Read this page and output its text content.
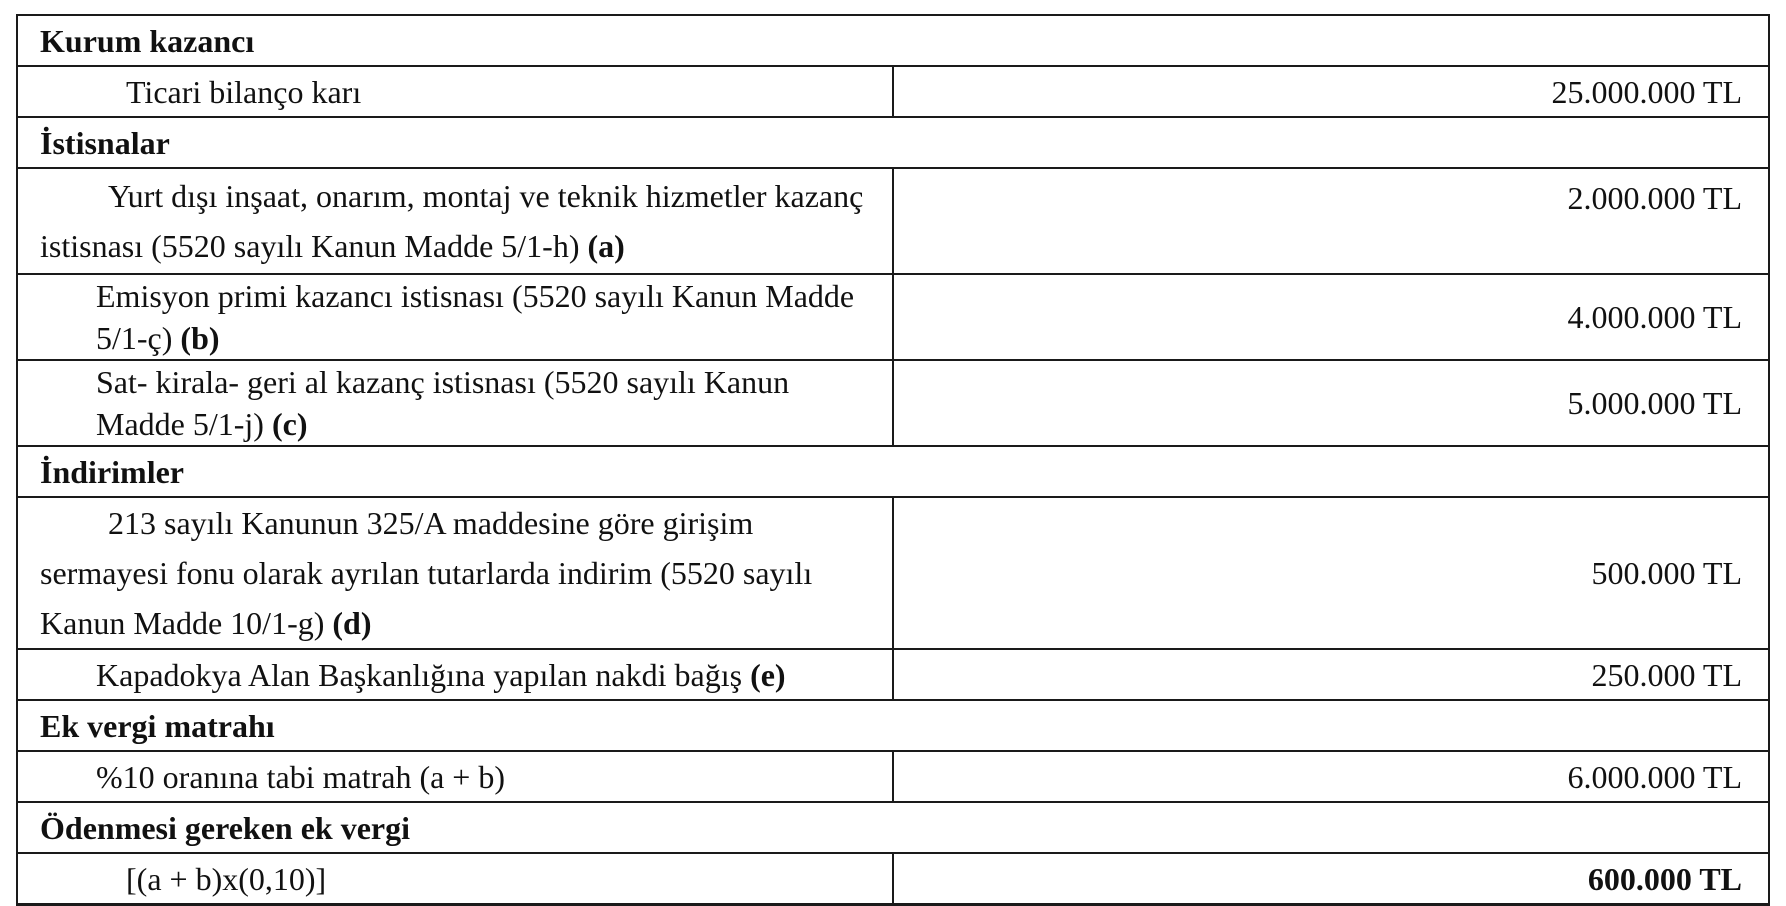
Kurum kazancı	
Ticari bilanço karı	25.000.000 TL
İstisnalar	
Yurt dışı inşaat, onarım, montaj ve teknik hizmetler kazanç istisnası (5520 sayılı Kanun Madde 5/1-h) (a)	2.000.000 TL
Emisyon primi kazancı istisnası (5520 sayılı Kanun Madde 5/1-ç) (b)	4.000.000 TL
Sat- kirala- geri al kazanç istisnası (5520 sayılı Kanun Madde 5/1-j) (c)	5.000.000 TL
İndirimler	
213 sayılı Kanunun 325/A maddesine göre girişim sermayesi fonu olarak ayrılan tutarlarda indirim (5520 sayılı Kanun Madde 10/1-g) (d)	500.000 TL
Kapadokya Alan Başkanlığına yapılan nakdi bağış (e)	250.000 TL
Ek vergi matrahı	
%10 oranına tabi matrah (a + b)	6.000.000 TL
Ödenmesi gereken ek vergi	
[(a + b)x(0,10)]	600.000 TL
